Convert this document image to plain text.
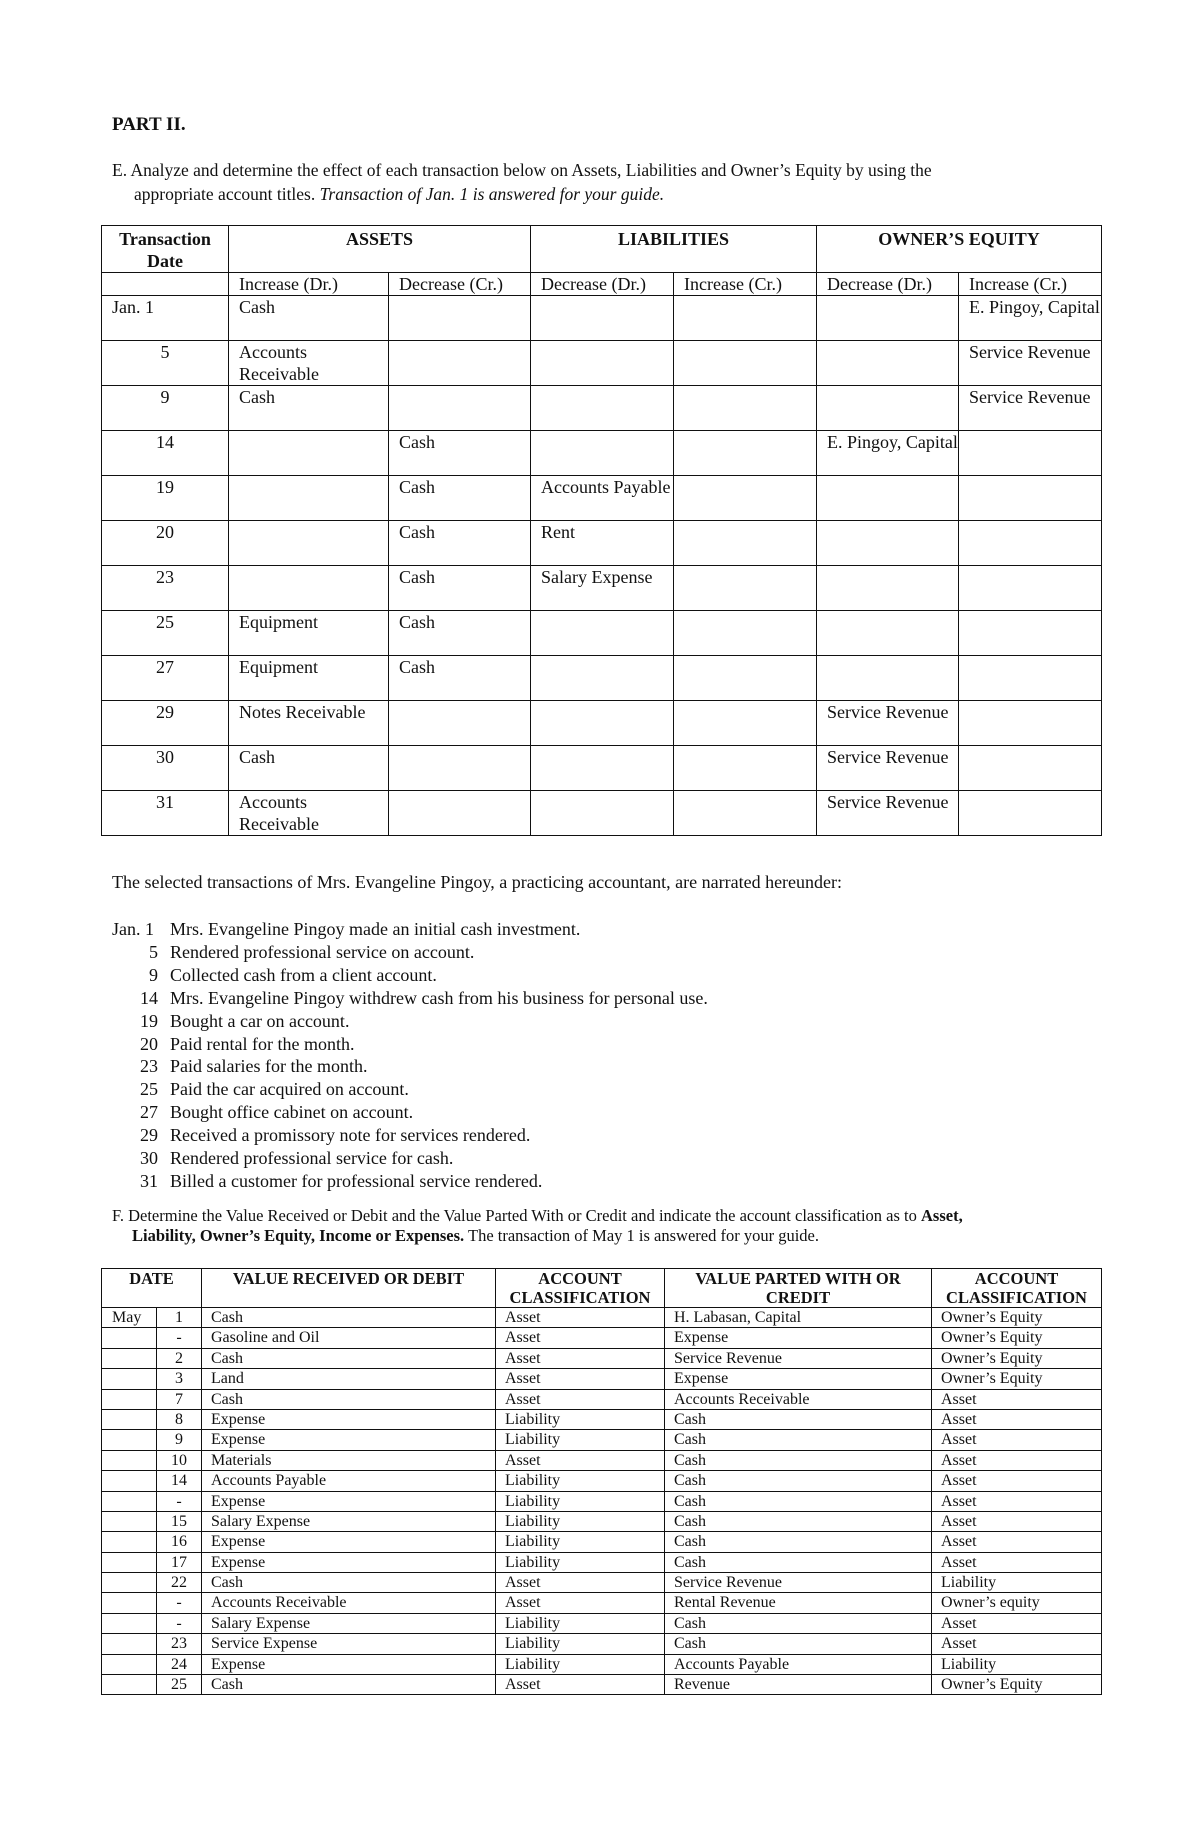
PART II.
E. Analyze and determine the effect of each transaction below on Assets, Liabilities and Owner’s Equity by using the
appropriate account titles. Transaction of Jan. 1 is answered for your guide.
Transaction Date	ASSETS		LIABILITIES		OWNER’S EQUITY	
	Increase (Dr.)	Decrease (Cr.)	Decrease (Dr.)	Increase (Cr.)	Decrease (Dr.)	Increase (Cr.)
Jan. 1	Cash					E. Pingoy, Capital
5	Accounts Receivable					Service Revenue
9	Cash					Service Revenue
14		Cash			E. Pingoy, Capital	
19		Cash	Accounts Payable			
20		Cash	Rent			
23		Cash	Salary Expense			
25	Equipment	Cash				
27	Equipment	Cash				
29	Notes Receivable				Service Revenue	
30	Cash				Service Revenue	
31	Accounts Receivable				Service Revenue	
The selected transactions of Mrs. Evangeline Pingoy, a practicing accountant, are narrated hereunder:
Jan. 1 Mrs. Evangeline Pingoy made an initial cash investment.
5 Rendered professional service on account.
9 Collected cash from a client account.
14 Mrs. Evangeline Pingoy withdrew cash from his business for personal use.
19 Bought a car on account.
20 Paid rental for the month.
23 Paid salaries for the month.
25 Paid the car acquired on account.
27 Bought office cabinet on account.
29 Received a promissory note for services rendered.
30 Rendered professional service for cash.
31 Billed a customer for professional service rendered.
F. Determine the Value Received or Debit and the Value Parted With or Credit and indicate the account classification as to Asset,
Liability, Owner’s Equity, Income or Expenses. The transaction of May 1 is answered for your guide.
DATE		VALUE RECEIVED OR DEBIT	ACCOUNT CLASSIFICATION	VALUE PARTED WITH OR CREDIT	ACCOUNT CLASSIFICATION
May	1	Cash	Asset	H. Labasan, Capital	Owner’s Equity
	-	Gasoline and Oil	Asset	Expense	Owner’s Equity
	2	Cash	Asset	Service Revenue	Owner’s Equity
	3	Land	Asset	Expense	Owner’s Equity
	7	Cash	Asset	Accounts Receivable	Asset
	8	Expense	Liability	Cash	Asset
	9	Expense	Liability	Cash	Asset
	10	Materials	Asset	Cash	Asset
	14	Accounts Payable	Liability	Cash	Asset
	-	Expense	Liability	Cash	Asset
	15	Salary Expense	Liability	Cash	Asset
	16	Expense	Liability	Cash	Asset
	17	Expense	Liability	Cash	Asset
	22	Cash	Asset	Service Revenue	Liability
	-	Accounts Receivable	Asset	Rental Revenue	Owner’s equity
	-	Salary Expense	Liability	Cash	Asset
	23	Service Expense	Liability	Cash	Asset
	24	Expense	Liability	Accounts Payable	Liability
	25	Cash	Asset	Revenue	Owner’s Equity
